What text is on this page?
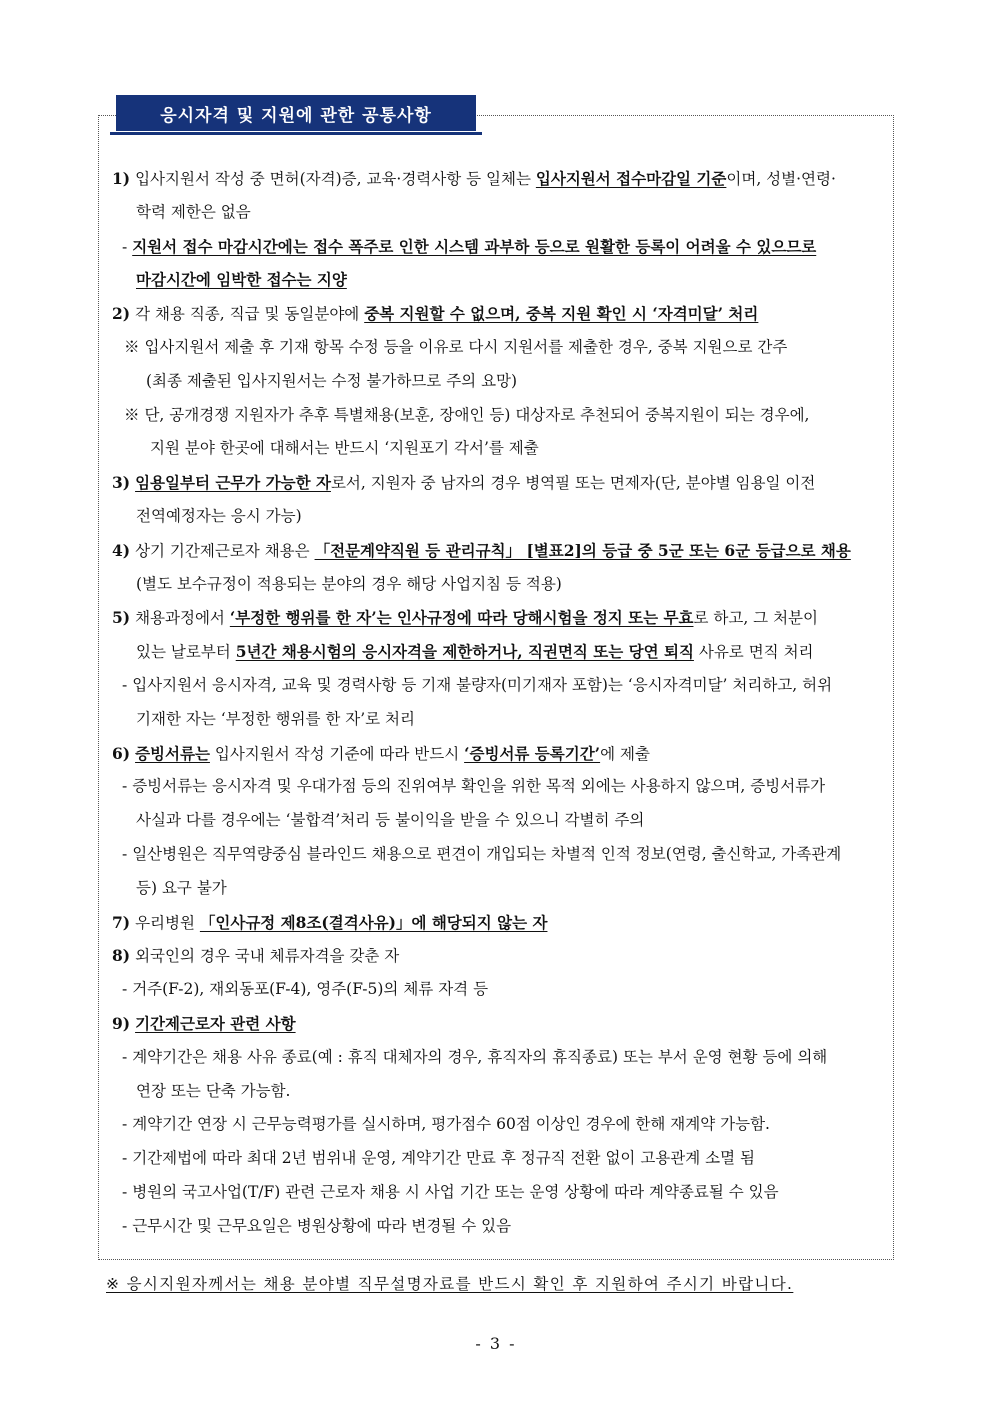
응시자격 및 지원에 관한 공통사항
1) 입사지원서 작성 중 면허(자격)증, 교육·경력사항 등 일체는 입사지원서 접수마감일 기준이며, 성별·연령·
학력 제한은 없음
- 지원서 접수 마감시간에는 접수 폭주로 인한 시스템 과부하 등으로 원활한 등록이 어려울 수 있으므로
마감시간에 임박한 접수는 지양
2) 각 채용 직종, 직급 및 동일분야에 중복 지원할 수 없으며, 중복 지원 확인 시 ‘자격미달’ 처리
※ 입사지원서 제출 후 기재 항목 수정 등을 이유로 다시 지원서를 제출한 경우, 중복 지원으로 간주
(최종 제출된 입사지원서는 수정 불가하므로 주의 요망)
※ 단, 공개경쟁 지원자가 추후 특별채용(보훈, 장애인 등) 대상자로 추천되어 중복지원이 되는 경우에,
지원 분야 한곳에 대해서는 반드시 ‘지원포기 각서’를 제출
3) 임용일부터 근무가 가능한 자로서, 지원자 중 남자의 경우 병역필 또는 면제자(단, 분야별 임용일 이전
전역예정자는 응시 가능)
4) 상기 기간제근로자 채용은 「전문계약직원 등 관리규칙」 [별표2]의 등급 중 5군 또는 6군 등급으로 채용
(별도 보수규정이 적용되는 분야의 경우 해당 사업지침 등 적용)
5) 채용과정에서 ‘부정한 행위를 한 자’는 인사규정에 따라 당해시험을 정지 또는 무효로 하고, 그 처분이
있는 날로부터 5년간 채용시험의 응시자격을 제한하거나, 직권면직 또는 당연 퇴직 사유로 면직 처리
- 입사지원서 응시자격, 교육 및 경력사항 등 기재 불량자(미기재자 포함)는 ‘응시자격미달’ 처리하고, 허위
기재한 자는 ‘부정한 행위를 한 자’로 처리
6) 증빙서류는 입사지원서 작성 기준에 따라 반드시 ‘증빙서류 등록기간’에 제출
- 증빙서류는 응시자격 및 우대가점 등의 진위여부 확인을 위한 목적 외에는 사용하지 않으며, 증빙서류가
사실과 다를 경우에는 ‘불합격’처리 등 불이익을 받을 수 있으니 각별히 주의
- 일산병원은 직무역량중심 블라인드 채용으로 편견이 개입되는 차별적 인적 정보(연령, 출신학교, 가족관계
등) 요구 불가
7) 우리병원 「인사규정 제8조(결격사유)」에 해당되지 않는 자
8) 외국인의 경우 국내 체류자격을 갖춘 자
- 거주(F-2), 재외동포(F-4), 영주(F-5)의 체류 자격 등
9) 기간제근로자 관련 사항
- 계약기간은 채용 사유 종료(예 : 휴직 대체자의 경우, 휴직자의 휴직종료) 또는 부서 운영 현황 등에 의해
연장 또는 단축 가능함.
- 계약기간 연장 시 근무능력평가를 실시하며, 평가점수 60점 이상인 경우에 한해 재계약 가능함.
- 기간제법에 따라 최대 2년 범위내 운영, 계약기간 만료 후 정규직 전환 없이 고용관계 소멸 됨
- 병원의 국고사업(T/F) 관련 근로자 채용 시 사업 기간 또는 운영 상황에 따라 계약종료될 수 있음
- 근무시간 및 근무요일은 병원상황에 따라 변경될 수 있음
※ 응시지원자께서는 채용 분야별 직무설명자료를 반드시 확인 후 지원하여 주시기 바랍니다.
- 3 -
